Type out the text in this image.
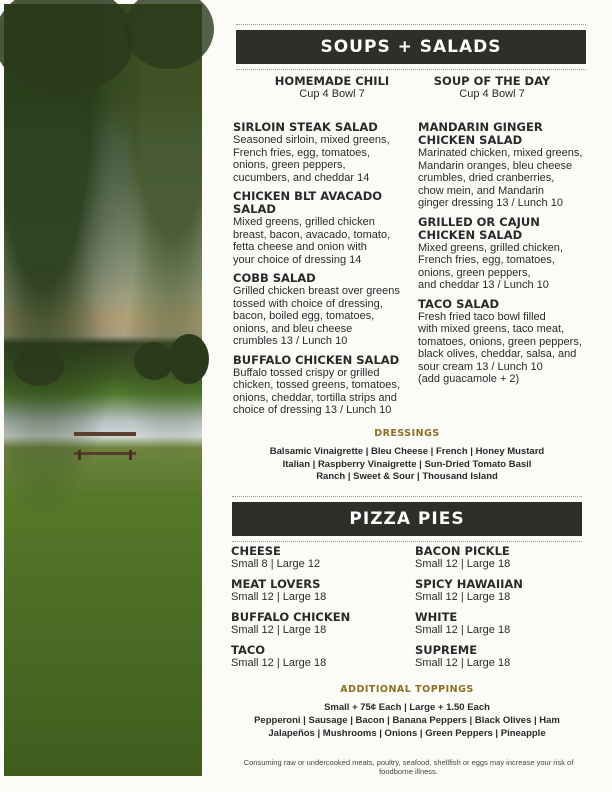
SOUPS + SALADS
HOMEMADE CHILI
Cup 4 Bowl 7
SOUP OF THE DAY
Cup 4 Bowl 7
SIRLOIN STEAK SALAD
Seasoned sirloin, mixed greens,
French fries, egg, tomatoes,
onions, green peppers,
cucumbers, and cheddar 14
CHICKEN BLT AVACADO
SALAD
Mixed greens, grilled chicken
breast, bacon, avacado, tomato,
fetta cheese and onion with
your choice of dressing 14
COBB SALAD
Grilled chicken breast over greens
tossed with choice of dressing,
bacon, boiled egg, tomatoes,
onions, and bleu cheese
crumbles 13 / Lunch 10
BUFFALO CHICKEN SALAD
Buffalo tossed crispy or grilled
chicken, tossed greens, tomatoes,
onions, cheddar, tortilla strips and
choice of dressing 13 / Lunch 10
MANDARIN GINGER
CHICKEN SALAD
Marinated chicken, mixed greens,
Mandarin oranges, bleu cheese
crumbles, dried cranberries,
chow mein, and Mandarin
ginger dressing 13 / Lunch 10
GRILLED OR CAJUN
CHICKEN SALAD
Mixed greens, grilled chicken,
French fries, egg, tomatoes,
onions, green peppers,
and cheddar 13 / Lunch 10
TACO SALAD
Fresh fried taco bowl filled
with mixed greens, taco meat,
tomatoes, onions, green peppers,
black olives, cheddar, salsa, and
sour cream 13 / Lunch 10
(add guacamole + 2)
DRESSINGS
Balsamic Vinaigrette | Bleu Cheese | French | Honey Mustard
Italian | Raspberry Vinaigrette | Sun-Dried Tomato Basil
Ranch | Sweet & Sour | Thousand Island
PIZZA PIES
CHEESE
Small 8 | Large 12
BACON PICKLE
Small 12 | Large 18
MEAT LOVERS
Small 12 | Large 18
SPICY HAWAIIAN
Small 12 | Large 18
BUFFALO CHICKEN
Small 12 | Large 18
WHITE
Small 12 | Large 18
TACO
Small 12 | Large 18
SUPREME
Small 12 | Large 18
ADDITIONAL TOPPINGS
Small + 75¢ Each | Large + 1.50 Each
Pepperoni | Sausage | Bacon | Banana Peppers | Black Olives | Ham
Jalapeños | Mushrooms | Onions | Green Peppers | Pineapple
Consuming raw or undercooked meats, poultry, seafood, shellfish or eggs may increase your risk of foodborne illness.
